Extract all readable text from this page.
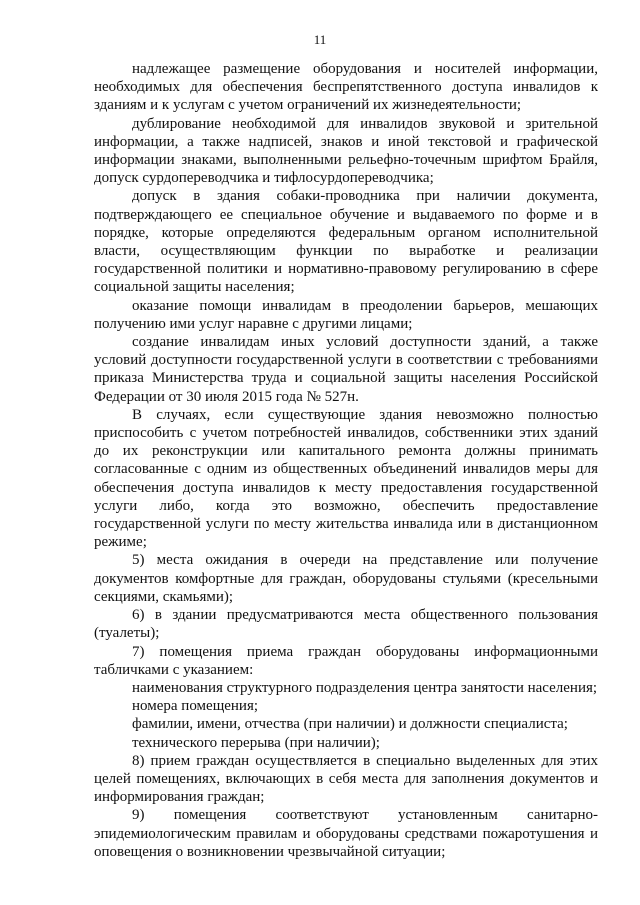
11

надлежащее размещение оборудования и носителей информации, необходимых для обеспечения беспрепятственного доступа инвалидов к зданиям и к услугам с учетом ограничений их жизнедеятельности;

дублирование необходимой для инвалидов звуковой и зрительной информации, а также надписей, знаков и иной текстовой и графической информации знаками, выполненными рельефно-точечным шрифтом Брайля, допуск сурдопереводчика и тифлосурдопереводчика;

допуск в здания собаки-проводника при наличии документа, подтверждающего ее специальное обучение и выдаваемого по форме и в порядке, которые определяются федеральным органом исполнительной власти, осуществляющим функции по выработке и реализации государственной политики и нормативно-правовому регулированию в сфере социальной защиты населения;

оказание помощи инвалидам в преодолении барьеров, мешающих получению ими услуг наравне с другими лицами;

создание инвалидам иных условий доступности зданий, а также условий доступности государственной услуги в соответствии с требованиями приказа Министерства труда и социальной защиты населения Российской Федерации от 30 июля 2015 года № 527н.

В случаях, если существующие здания невозможно полностью приспособить с учетом потребностей инвалидов, собственники этих зданий до их реконструкции или капитального ремонта должны принимать согласованные с одним из общественных объединений инвалидов меры для обеспечения доступа инвалидов к месту предоставления государственной услуги либо, когда это возможно, обеспечить предоставление государственной услуги по месту жительства инвалида или в дистанционном режиме;

5) места ожидания в очереди на представление или получение документов комфортные для граждан, оборудованы стульями (кресельными секциями, скамьями);

6) в здании предусматриваются места общественного пользования (туалеты);

7) помещения приема граждан оборудованы информационными табличками с указанием:

наименования структурного подразделения центра занятости населения;

номера помещения;

фамилии, имени, отчества (при наличии) и должности специалиста;

технического перерыва (при наличии);

8) прием граждан осуществляется в специально выделенных для этих целей помещениях, включающих в себя места для заполнения документов и информирования граждан;

9) помещения соответствуют установленным санитарно-эпидемиологическим правилам и оборудованы средствами пожаротушения и оповещения о возникновении чрезвычайной ситуации;
